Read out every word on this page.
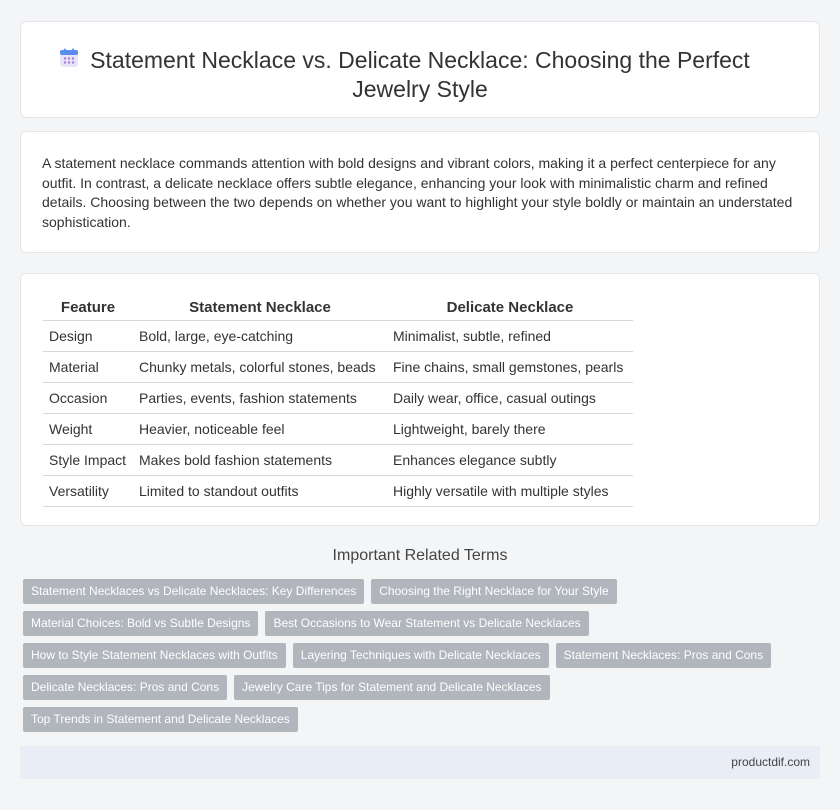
Statement Necklace vs. Delicate Necklace: Choosing the Perfect Jewelry Style

A statement necklace commands attention with bold designs and vibrant colors, making it a perfect centerpiece for any outfit. In contrast, a delicate necklace offers subtle elegance, enhancing your look with minimalistic charm and refined details. Choosing between the two depends on whether you want to highlight your style boldly or maintain an understated sophistication.

Feature	Statement Necklace	Delicate Necklace
Design	Bold, large, eye-catching	Minimalist, subtle, refined
Material	Chunky metals, colorful stones, beads	Fine chains, small gemstones, pearls
Occasion	Parties, events, fashion statements	Daily wear, office, casual outings
Weight	Heavier, noticeable feel	Lightweight, barely there
Style Impact	Makes bold fashion statements	Enhances elegance subtly
Versatility	Limited to standout outfits	Highly versatile with multiple styles
Important Related Terms
Statement Necklaces vs Delicate Necklaces: Key Differences Choosing the Right Necklace for Your Style
Material Choices: Bold vs Subtle Designs Best Occasions to Wear Statement vs Delicate Necklaces
How to Style Statement Necklaces with Outfits Layering Techniques with Delicate Necklaces Statement Necklaces: Pros and Cons
Delicate Necklaces: Pros and Cons Jewelry Care Tips for Statement and Delicate Necklaces
Top Trends in Statement and Delicate Necklaces
productdif.com
